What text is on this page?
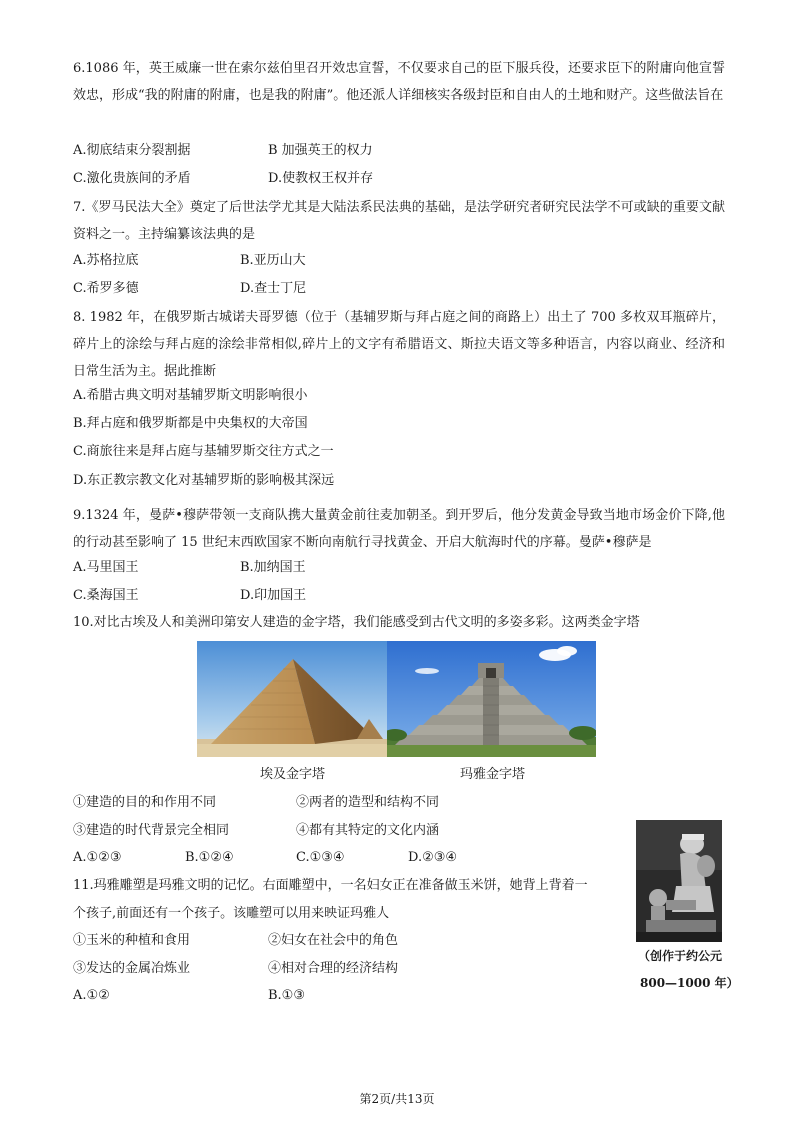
6.1086 年，英王威廉一世在索尔兹伯里召开效忠宣誓，不仅要求自己的臣下服兵役，还要求臣下的附庸向他宣誓效忠，形成“我的附庸的附庸，也是我的附庸”。他还派人详细核实各级封臣和自由人的土地和财产。这些做法旨在
A.彻底结束分裂割据	B 加强英王的权力
C.激化贵族间的矛盾	D.使教权王权并存
7.《罗马民法大全》奠定了后世法学尤其是大陆法系民法典的基础，是法学研究者研究民法学不可或缺的重要文献资料之一。主持编纂该法典的是
A.苏格拉底	B.亚历山大
C.希罗多德	D.查士丁尼
8. 1982 年，在俄罗斯古城诺夫哥罗德（位于（基辅罗斯与拜占庭之间的商路上）出土了 700 多枚双耳瓶碎片，碎片上的涂绘与拜占庭的涂绘非常相似,碎片上的文字有希腊语文、斯拉夫语文等多种语言，内容以商业、经济和日常生活为主。据此推断
A.希腊古典文明对基辅罗斯文明影响很小
B.拜占庭和俄罗斯都是中央集权的大帝国
C.商旅往来是拜占庭与基辅罗斯交往方式之一
D.东正教宗教文化对基辅罗斯的影响极其深远
9.1324 年，曼萨•穆萨带领一支商队携大量黄金前往麦加朝圣。到开罗后，他分发黄金导致当地市场金价下降,他的行动甚至影响了 15 世纪末西欧国家不断向南航行寻找黄金、开启大航海时代的序幕。曼萨•穆萨是
A.马里国王	B.加纳国王
C.桑海国王	D.印加国王
10.对比古埃及人和美洲印第安人建造的金字塔，我们能感受到古代文明的多姿多彩。这两类金字塔
埃及金字塔	玛雅金字塔
①建造的目的和作用不同	②两者的造型和结构不同
③建造的时代背景完全相同	④都有其特定的文化内涵
A.①②③	B.①②④	C.①③④	D.②③④
（创作于约公元
800—1000 年）
11.玛雅雕塑是玛雅文明的记忆。右面雕塑中，一名妇女正在准备做玉米饼，她背上背着一
个孩子,前面还有一个孩子。该雕塑可以用来映证玛雅人
①玉米的种植和食用	②妇女在社会中的角色
③发达的金属冶炼业	④相对合理的经济结构
A.①②	B.①③
第2页/共13页
